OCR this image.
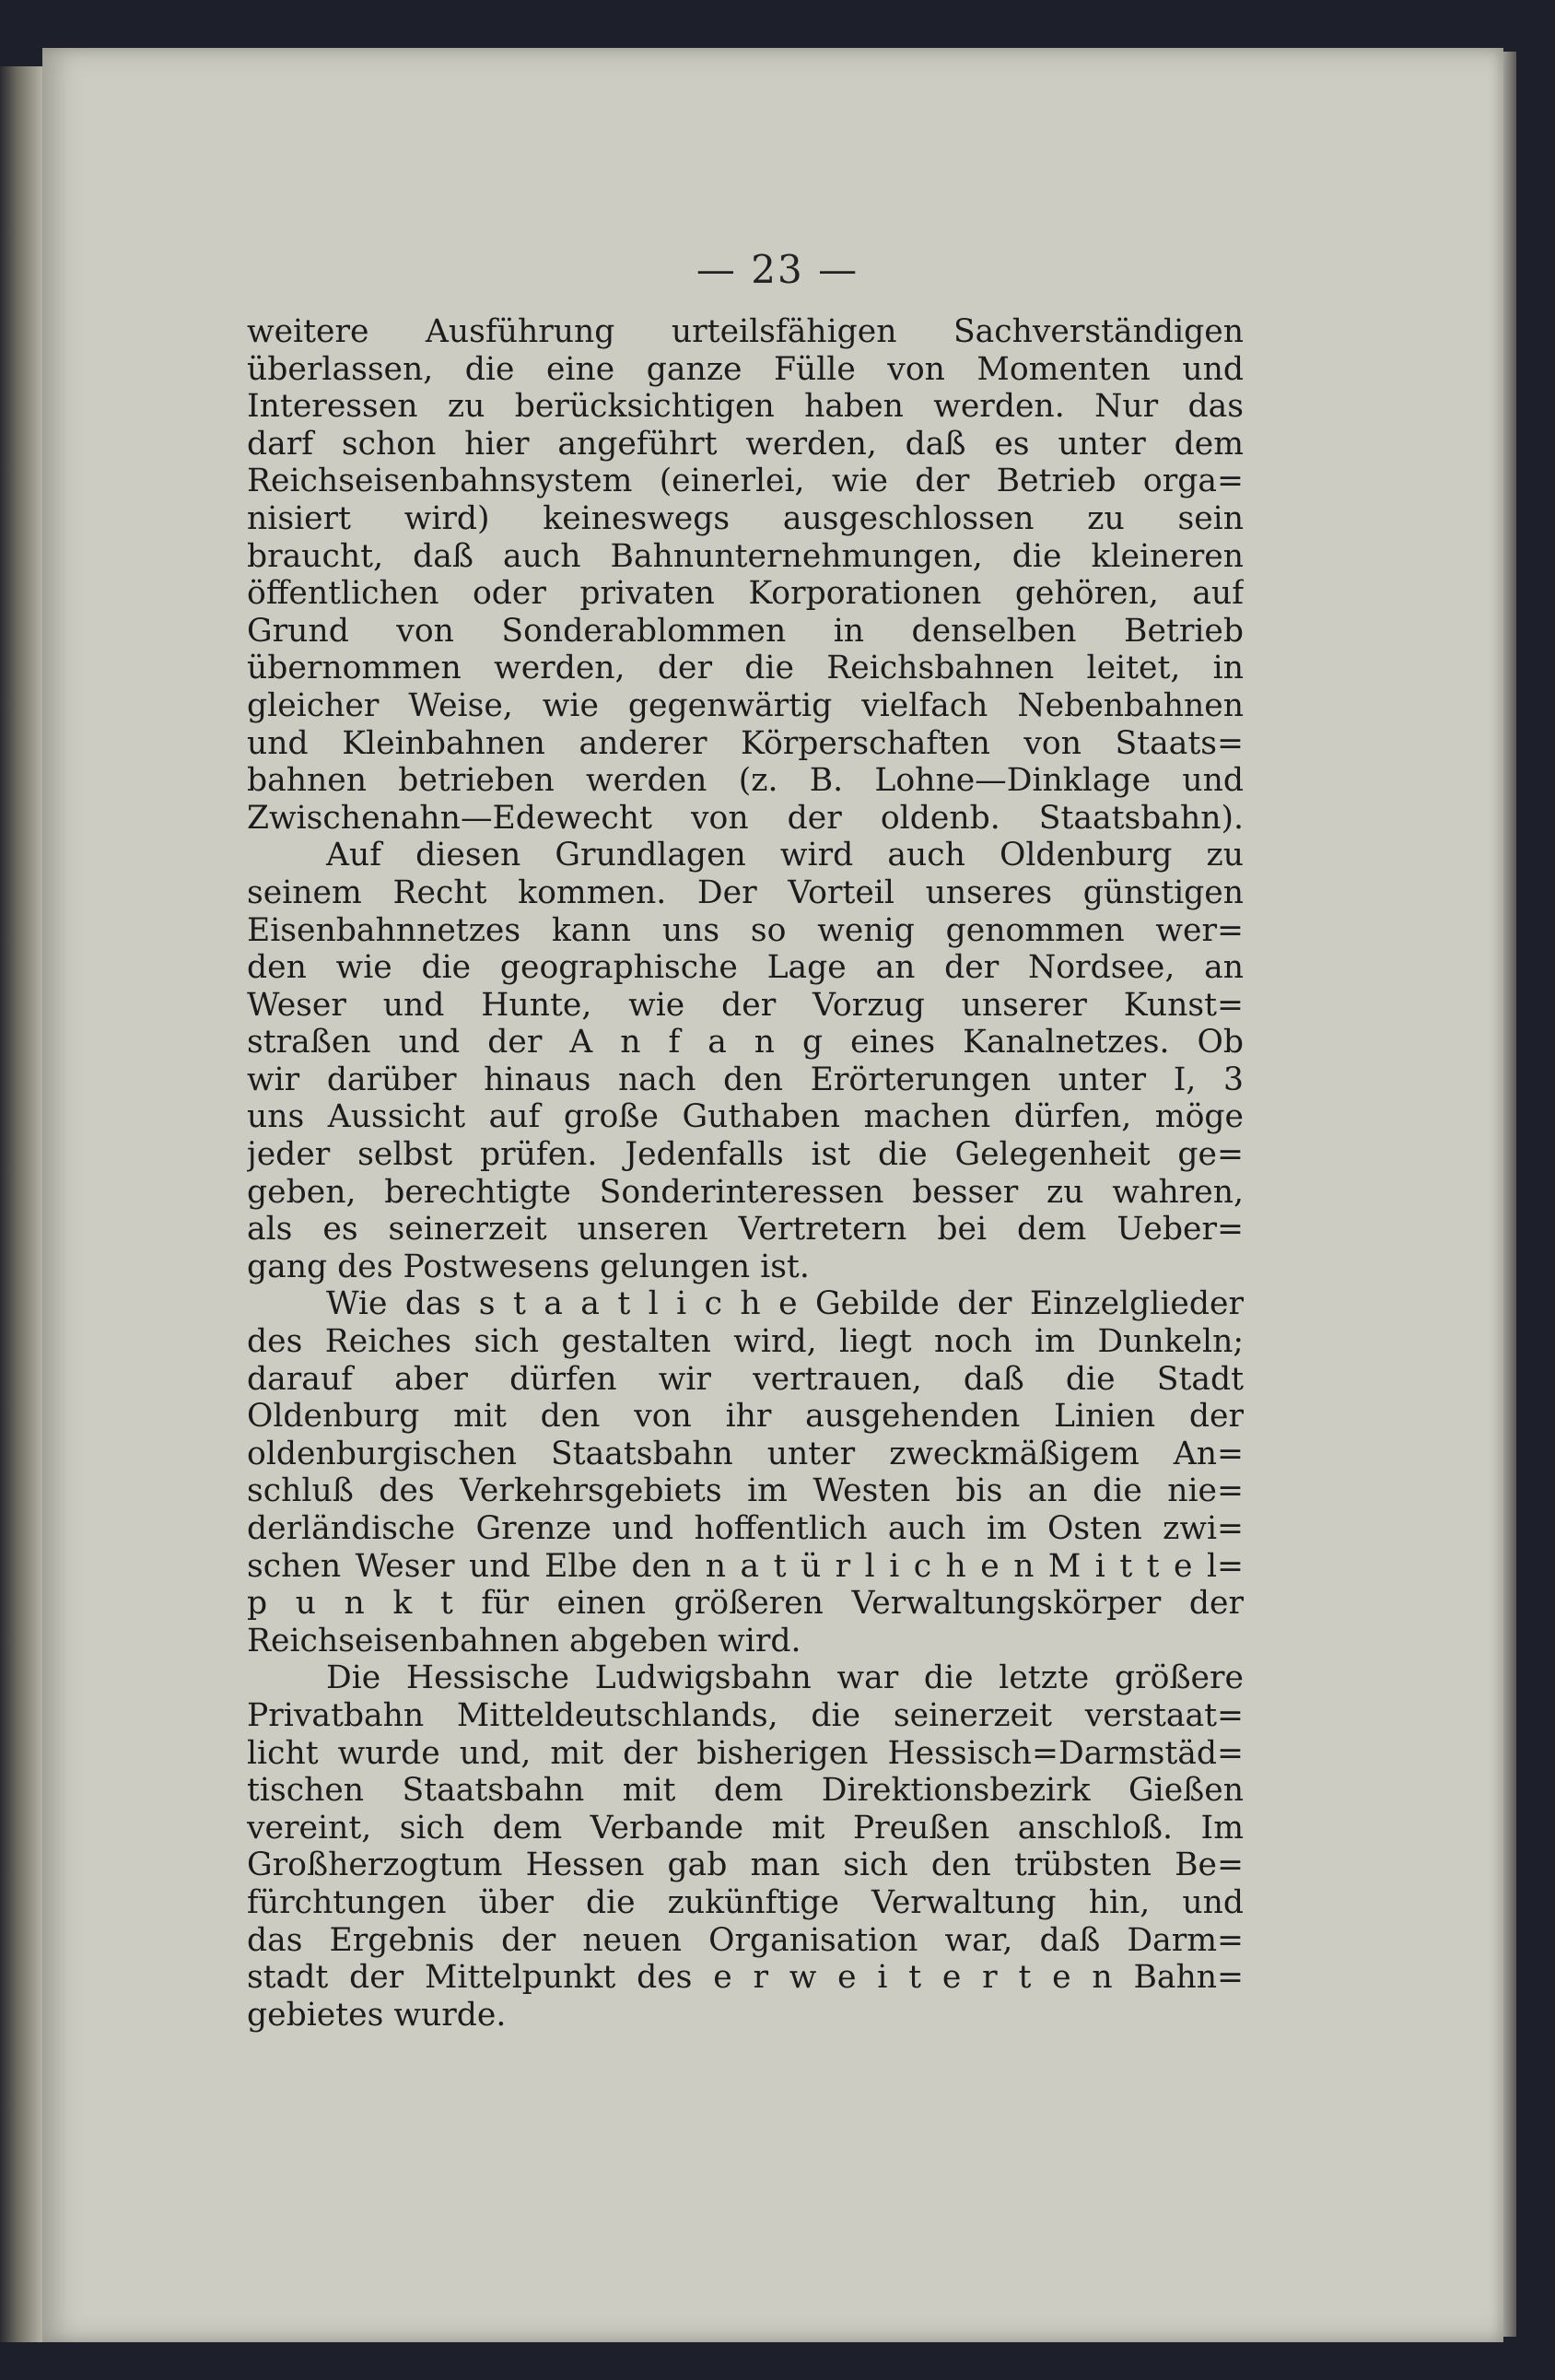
— 23 —
weitere Ausführung urteilsfähigen Sachverständigen
überlassen, die eine ganze Fülle von Momenten und
Interessen zu berücksichtigen haben werden. Nur das
darf schon hier angeführt werden, daß es unter dem
Reichseisenbahnsystem (einerlei, wie der Betrieb orga=
nisiert wird) keineswegs ausgeschlossen zu sein
braucht, daß auch Bahnunternehmungen, die kleineren
öffentlichen oder privaten Korporationen gehören, auf
Grund von Sonderablommen in denselben Betrieb
übernommen werden, der die Reichsbahnen leitet, in
gleicher Weise, wie gegenwärtig vielfach Nebenbahnen
und Kleinbahnen anderer Körperschaften von Staats=
bahnen betrieben werden (z. B. Lohne—Dinklage und
Zwischenahn—Edewecht von der oldenb. Staatsbahn).
Auf diesen Grundlagen wird auch Oldenburg zu
seinem Recht kommen. Der Vorteil unseres günstigen
Eisenbahnnetzes kann uns so wenig genommen wer=
den wie die geographische Lage an der Nordsee, an
Weser und Hunte, wie der Vorzug unserer Kunst=
straßen und der A n f a n g eines Kanalnetzes. Ob
wir darüber hinaus nach den Erörterungen unter I, 3
uns Aussicht auf große Guthaben machen dürfen, möge
jeder selbst prüfen. Jedenfalls ist die Gelegenheit ge=
geben, berechtigte Sonderinteressen besser zu wahren,
als es seinerzeit unseren Vertretern bei dem Ueber=
gang des Postwesens gelungen ist.
Wie das s t a a t l i c h e Gebilde der Einzelglieder
des Reiches sich gestalten wird, liegt noch im Dunkeln;
darauf aber dürfen wir vertrauen, daß die Stadt
Oldenburg mit den von ihr ausgehenden Linien der
oldenburgischen Staatsbahn unter zweckmäßigem An=
schluß des Verkehrsgebiets im Westen bis an die nie=
derländische Grenze und hoffentlich auch im Osten zwi=
schen Weser und Elbe den n a t ü r l i c h e n M i t t e l=
p u n k t für einen größeren Verwaltungskörper der
Reichseisenbahnen abgeben wird.
Die Hessische Ludwigsbahn war die letzte größere
Privatbahn Mitteldeutschlands, die seinerzeit verstaat=
licht wurde und, mit der bisherigen Hessisch=Darmstäd=
tischen Staatsbahn mit dem Direktionsbezirk Gießen
vereint, sich dem Verbande mit Preußen anschloß. Im
Großherzogtum Hessen gab man sich den trübsten Be=
fürchtungen über die zukünftige Verwaltung hin, und
das Ergebnis der neuen Organisation war, daß Darm=
stadt der Mittelpunkt des e r w e i t e r t e n Bahn=
gebietes wurde.
